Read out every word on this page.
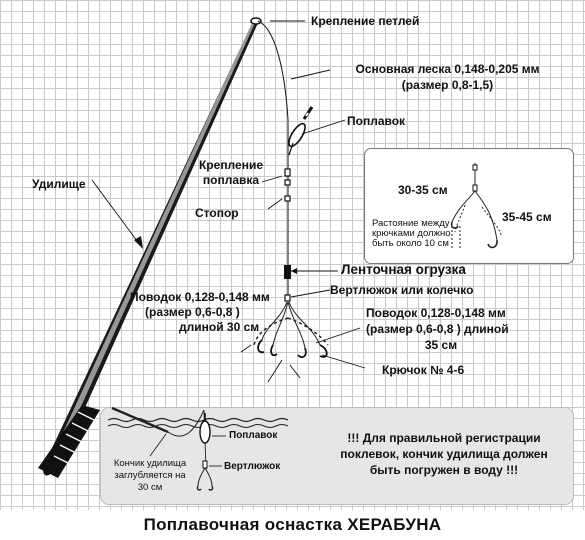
Крепление петлей
Основная леска 0,148-0,205 мм
(размер 0,8-1,5)
Поплавок
Крепление
поплавка
Стопор
Удилище
Ленточная огрузка
Вертлюжок или колечко
Поводок 0,128-0,148 мм
(размер 0,6-0,8 )
длиной 30 см
Поводок 0,128-0,148 мм
(размер 0,6-0,8 ) длиной
35 см
Крючок № 4-6
30-35 см
35-45 см
Растояние между
крючками должно
быть около 10 см
Поплавок
Вертлюжок
Кончик удилища
заглубляется на
30 см
!!! Для правильной регистрации
поклевок, кончик удилища должен
быть погружен в воду !!!
Поплавочная оснастка ХЕРАБУНА
